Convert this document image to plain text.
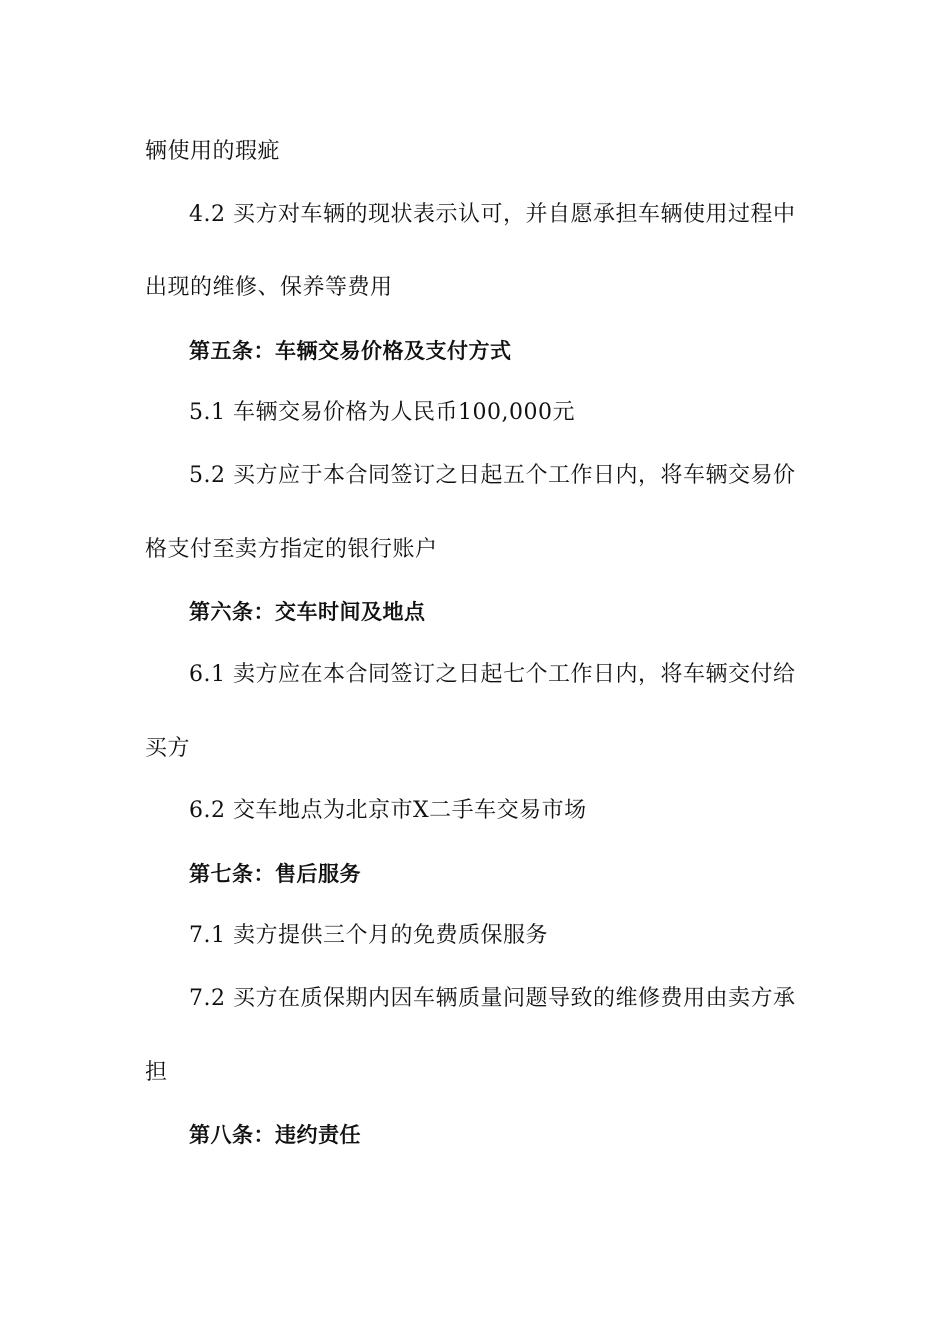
辆使用的瑕疵
4.2 买方对车辆的现状表示认可，并自愿承担车辆使用过程中
出现的维修、保养等费用
第五条：车辆交易价格及支付方式
5.1 车辆交易价格为人民币100,000元
5.2 买方应于本合同签订之日起五个工作日内，将车辆交易价
格支付至卖方指定的银行账户
第六条：交车时间及地点
6.1 卖方应在本合同签订之日起七个工作日内，将车辆交付给
买方
6.2 交车地点为北京市X二手车交易市场
第七条：售后服务
7.1 卖方提供三个月的免费质保服务
7.2 买方在质保期内因车辆质量问题导致的维修费用由卖方承
担
第八条：违约责任
